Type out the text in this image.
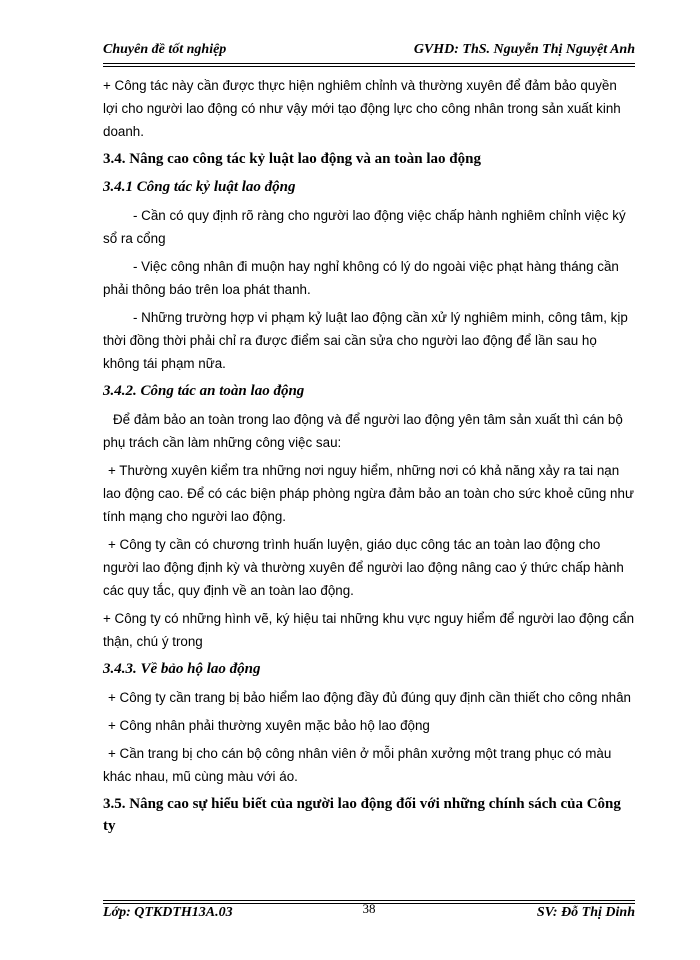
Chuyên đề tốt nghiệp	GVHD: ThS. Nguyễn Thị Nguyệt Anh

+ Công tác này cần được thực hiện nghiêm chỉnh và thường xuyên để đảm bảo quyền lợi cho người lao động có như vậy mới tạo động lực cho công nhân trong sản xuất kinh doanh.

3.4. Nâng cao công tác kỷ luật lao động và an toàn lao động
3.4.1 Công tác kỷ luật lao động

- Cần có quy định rõ ràng cho người lao động việc chấp hành nghiêm chỉnh việc ký sổ ra cổng

- Việc công nhân đi muộn hay nghỉ không có lý do ngoài việc phạt hàng tháng cần phải thông báo trên loa phát thanh.

- Những trường hợp vi phạm kỷ luật lao động cần xử lý nghiêm minh, công tâm, kịp thời đồng thời phải chỉ ra được điểm sai cần sửa cho người lao động để lần sau họ không tái phạm nữa.

3.4.2. Công tác an toàn lao động

Để đảm bảo an toàn trong lao động và để người lao động yên tâm sản xuất thì cán bộ phụ trách cần làm những công việc sau:

+ Thường xuyên kiểm tra những nơi nguy hiểm, những nơi có khả năng xảy ra tai nạn lao động cao. Để có các biện pháp phòng ngừa đảm bảo an toàn cho sức khoẻ cũng như tính mạng cho người lao động.

+ Công ty cần có chương trình huấn luyện, giáo dục công tác an toàn lao động cho người lao động định kỳ và thường xuyên để người lao động nâng cao ý thức chấp hành các quy tắc, quy định về an toàn lao động.

+ Công ty có những hình vẽ, ký hiệu tai những khu vực nguy hiểm để người lao động cẩn thận, chú ý trong

3.4.3. Về bảo hộ lao động

+ Công ty cần trang bị bảo hiểm lao động đầy đủ đúng quy định cần thiết cho công nhân

+ Công nhân phải thường xuyên mặc bảo hộ lao động

+ Cần trang bị cho cán bộ công nhân viên ở mỗi phân xưởng một trang phục có màu khác nhau, mũ cùng màu với áo.

3.5. Nâng cao sự hiểu biết của người lao động đối với những chính sách của Công ty
Lớp: QTKDTH13A.03	38	SV: Đỗ Thị Dinh
